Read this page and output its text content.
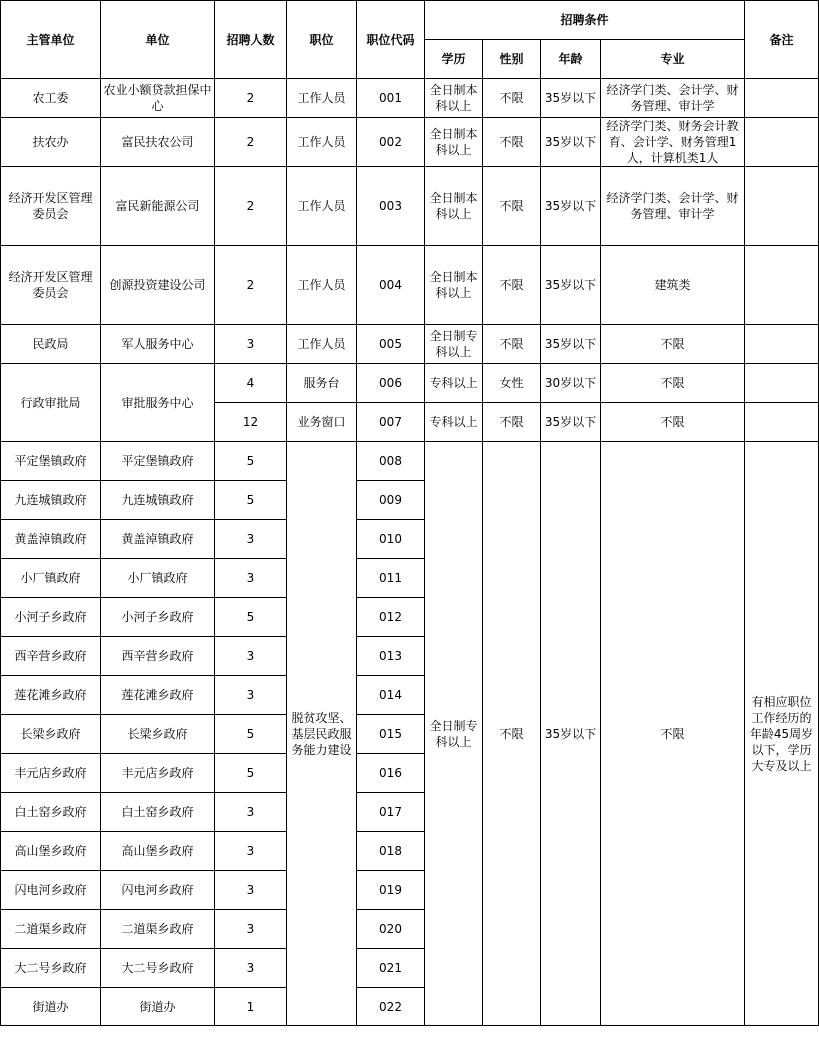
主管单位	单位	招聘人数	职位	职位代码	招聘条件				备注
					学历	性别	年龄	专业	
农工委	农业小额贷款担保中心	2	工作人员	001	全日制本科以上	不限	35岁以下	经济学门类、会计学、财务管理、审计学	
扶农办	富民扶农公司	2	工作人员	002	全日制本科以上	不限	35岁以下	经济学门类、财务会计教育、会计学、财务管理1人，计算机类1人	
经济开发区管理委员会	富民新能源公司	2	工作人员	003	全日制本科以上	不限	35岁以下	经济学门类、会计学、财务管理、审计学	
经济开发区管理委员会	创源投资建设公司	2	工作人员	004	全日制本科以上	不限	35岁以下	建筑类	
民政局	军人服务中心	3	工作人员	005	全日制专科以上	不限	35岁以下	不限	
行政审批局	审批服务中心	4	服务台	006	专科以上	女性	30岁以下	不限	
		12	业务窗口	007	专科以上	不限	35岁以下	不限	
平定堡镇政府	平定堡镇政府	5	脱贫攻坚、基层民政服务能力建设	008	全日制专科以上	不限	35岁以下	不限	有相应职位工作经历的年龄45周岁以下，学历大专及以上
九连城镇政府	九连城镇政府	5		009					
黄盖淖镇政府	黄盖淖镇政府	3		010					
小厂镇政府	小厂镇政府	3		011					
小河子乡政府	小河子乡政府	5		012					
西辛营乡政府	西辛营乡政府	3		013					
莲花滩乡政府	莲花滩乡政府	3		014					
长梁乡政府	长梁乡政府	5		015					
丰元店乡政府	丰元店乡政府	5		016					
白土窑乡政府	白土窑乡政府	3		017					
高山堡乡政府	高山堡乡政府	3		018					
闪电河乡政府	闪电河乡政府	3		019					
二道渠乡政府	二道渠乡政府	3		020					
大二号乡政府	大二号乡政府	3		021					
街道办	街道办	1		022					
